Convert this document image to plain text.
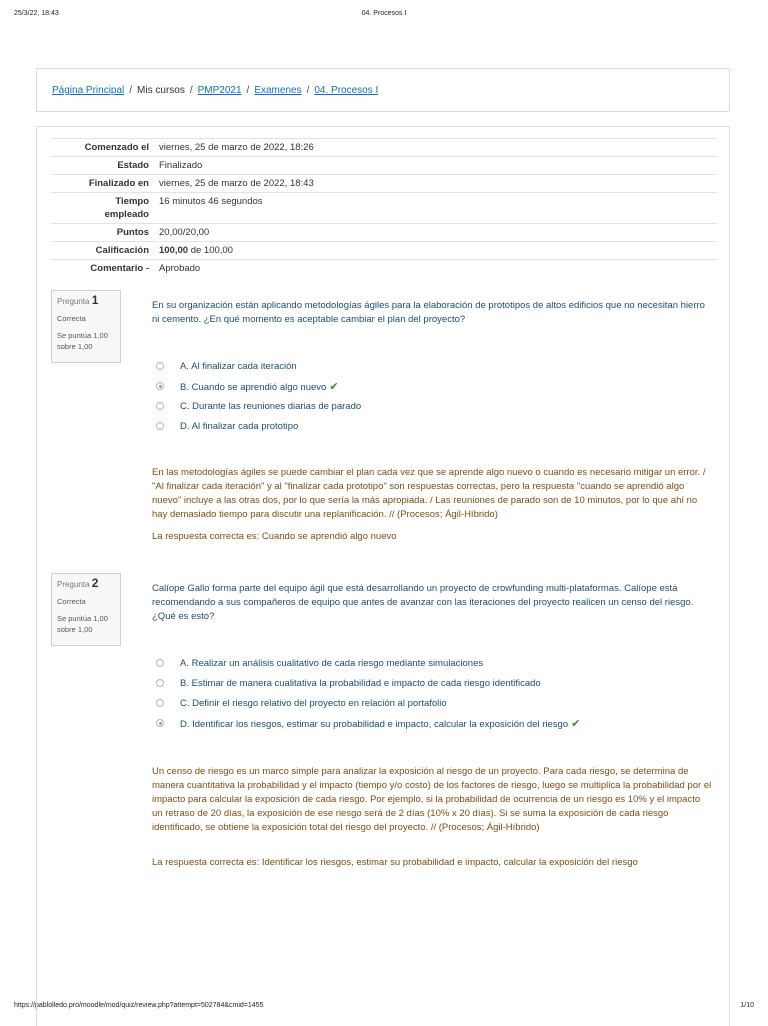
25/3/22, 18:43	04. Procesos I
https://pablolledo.pro/moodle/mod/quiz/review.php?attempt=502784&cmid=1455	1/10
Página Principal / Mis cursos / PMP2021 / Examenes / 04. Procesos I
Comenzado el	viernes, 25 de marzo de 2022, 18:26
Estado	Finalizado
Finalizado en	viernes, 25 de marzo de 2022, 18:43
Tiempo
empleado	16 minutos 46 segundos
Puntos	20,00/20,00
Calificación	100,00 de 100,00
Comentario -	Aprobado
Pregunta 1
Correcta
Se puntúa 1,00
sobre 1,00
En su organización están aplicando metodologías ágiles para la elaboración de prototipos de altos edificios que no necesitan hierro ni cemento. ¿En qué momento es aceptable cambiar el plan del proyecto?
A. Al finalizar cada iteración
B. Cuando se aprendió algo nuevo ✔
C. Durante las reuniones diarias de parado
D. Al finalizar cada prototipo
En las metodologías ágiles se puede cambiar el plan cada vez que se aprende algo nuevo o cuando es necesario mitigar un error. / "Al finalizar cada iteración" y al "finalizar cada prototipo" son respuestas correctas, pero la respuesta "cuando se aprendió algo nuevo" incluye a las otras dos, por lo que sería la más apropiada. / Las reuniones de parado son de 10 minutos, por lo que ahí no hay demasiado tiempo para discutir una replanificación. // (Procesos; Ágil-Híbrido)
La respuesta correcta es: Cuando se aprendió algo nuevo
Pregunta 2
Correcta
Se puntúa 1,00
sobre 1,00
Calíope Gallo forma parte del equipo ágil que está desarrollando un proyecto de crowfunding multi-plataformas. Calíope está recomendando a sus compañeros de equipo que antes de avanzar con las iteraciones del proyecto realicen un censo del riesgo. ¿Qué es esto?
A. Realizar un análisis cualitativo de cada riesgo mediante simulaciones
B. Estimar de manera cualitativa la probabilidad e impacto de cada riesgo identificado
C. Definir el riesgo relativo del proyecto en relación al portafolio
D. Identificar los riesgos, estimar su probabilidad e impacto, calcular la exposición del riesgo ✔
Un censo de riesgo es un marco simple para analizar la exposición al riesgo de un proyecto. Para cada riesgo, se determina de manera cuantitativa la probabilidad y el impacto (tiempo y/o costo) de los factores de riesgo, luego se multiplica la probabilidad por el impacto para calcular la exposición de cada riesgo. Por ejemplo, si la probabilidad de ocurrencia de un riesgo es 10% y el impacto un retraso de 20 días, la exposición de ese riesgo será de 2 días (10% x 20 días). Si se suma la exposición de cada riesgo identificado, se obtiene la exposición total del riesgo del proyecto. // (Procesos; Ágil-Híbrido)
La respuesta correcta es: Identificar los riesgos, estimar su probabilidad e impacto, calcular la exposición del riesgo
